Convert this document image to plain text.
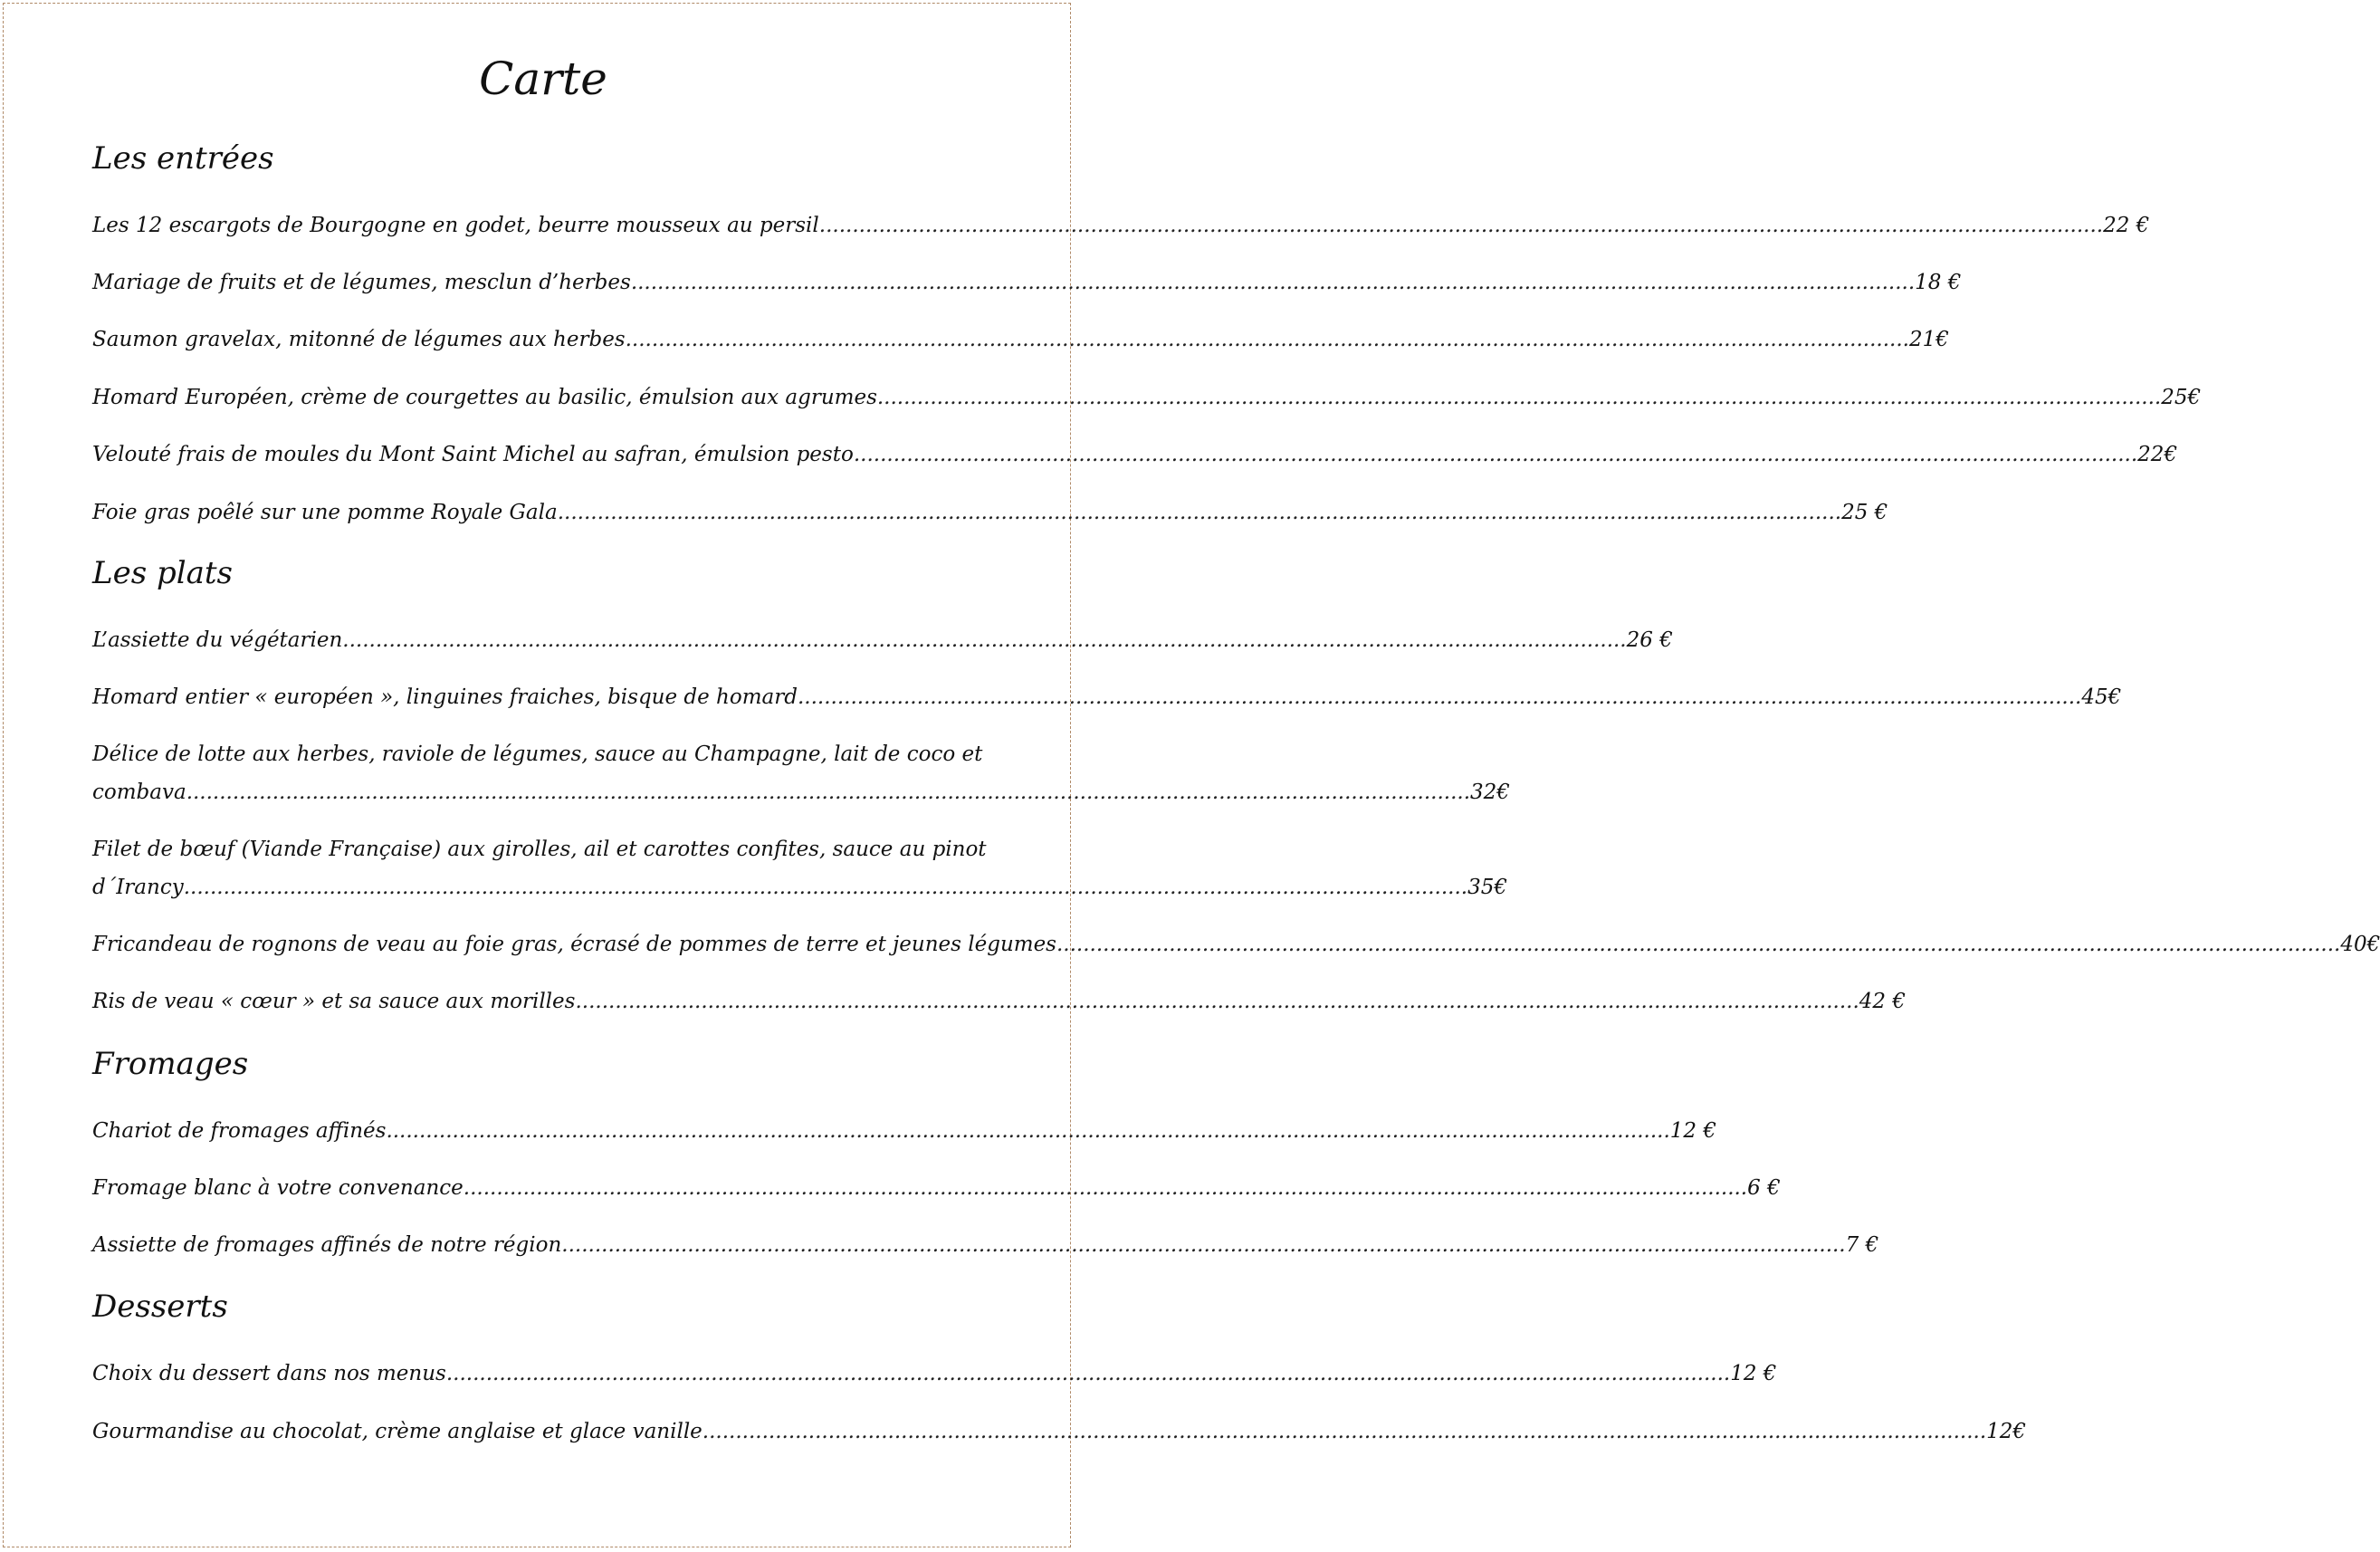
Carte
Les entrées
Les 12 escargots de Bourgogne en godet, beurre mousseux au persil .....	22 €
Mariage de fruits et de légumes, mesclun d’herbes .....	18 €
Saumon gravelax, mitonné de légumes aux herbes .....	21€
Homard Européen, crème de courgettes au basilic, émulsion aux agrumes .....	25€
Velouté frais de moules du Mont Saint Michel au safran, émulsion pesto .....	22€
Foie gras poêlé sur une pomme Royale Gala .....	25 €
Les plats
L’assiette du végétarien .....	26 €
Homard entier « européen », linguines fraiches, bisque de homard .....	45€
Délice de lotte aux herbes, raviole de légumes, sauce au Champagne, lait de coco et
combava .....	32€
Filet de bœuf (Viande Française) aux girolles, ail et carottes confites, sauce au pinot
d´Irancy .....	35€
Fricandeau de rognons de veau au foie gras, écrasé de pommes de terre et jeunes légumes .....	40€
Ris de veau « cœur » et sa sauce aux morilles .....	42 €
Fromages
Chariot de fromages affinés .....	12 €
Fromage blanc à votre convenance .....	6 €
Assiette de fromages affinés de notre région .....	7 €
Desserts
Choix du dessert dans nos menus .....	12 €
Gourmandise au chocolat, crème anglaise et glace vanille .....	12€
